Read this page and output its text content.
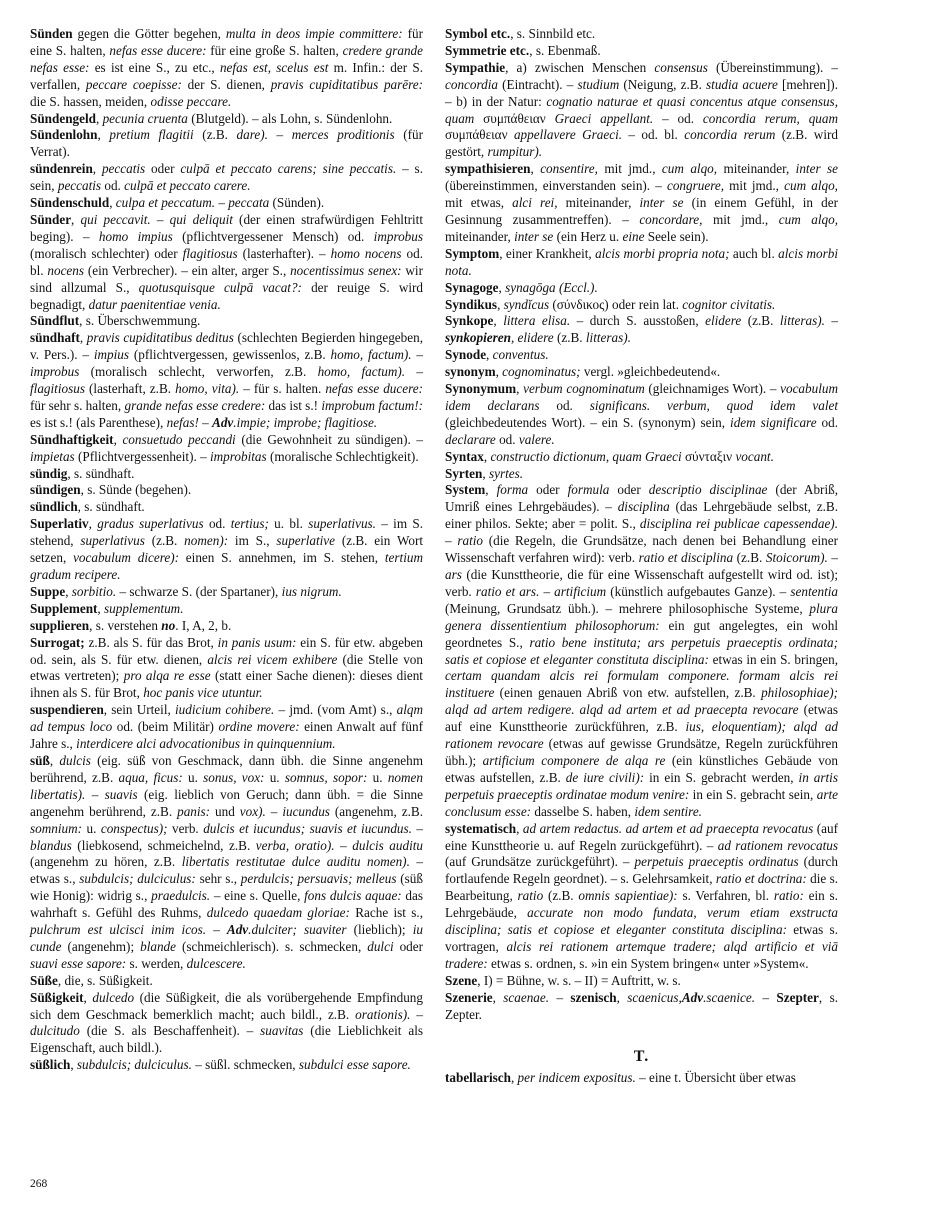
Sünden gegen die Götter begehen, multa in deos impie committere: für eine S. halten, nefas esse ducere: für eine große S. halten, credere grande nefas esse: es ist eine S., zu etc., nefas est, scelus est m. Infin.: der S. verfallen, peccare coepisse: der S. dienen, pravis cupiditatibus parēre: die S. hassen, meiden, odisse peccare.

Sündengeld, pecunia cruenta (Blutgeld). – als Lohn, s. Sündenlohn.

Sündenlohn, pretium flagitii (z.B. dare). – merces proditionis (für Verrat).

sündenrein, peccatis oder culpā et peccato carens; sine peccatis. – s. sein, peccatis od. culpā et peccato carere.

Sündenschuld, culpa et peccatum. – peccata (Sünden).

Sünder, qui peccavit. – qui deliquit (der einen strafwürdigen Fehltritt beging). – homo impius (pflichtvergessener Mensch) od. improbus (moralisch schlechter) oder flagitiosus (lasterhafter). – homo nocens od. bl. nocens (ein Verbrecher). – ein alter, arger S., nocentissimus senex: wir sind allzumal S., quotusquisque culpā vacat?: der reuige S. wird begnadigt, datur paenitentiae venia.

Sündflut, s. Überschwemmung.

sündhaft, pravis cupiditatibus deditus (schlechten Begierden hingegeben, v. Pers.). – impius (pflichtvergessen, gewissenlos, z.B. homo, factum). – improbus (moralisch schlecht, verworfen, z.B. homo, factum). – flagitiosus (lasterhaft, z.B. homo, vita). – für s. halten. nefas esse ducere: für sehr s. halten, grande nefas esse credere: das ist s.! improbum factum!: es ist s.! (als Parenthese), nefas! – Adv.impie; improbe; flagitiose.

Sündhaftigkeit, consuetudo peccandi (die Gewohnheit zu sündigen). – impietas (Pflichtvergessenheit). – improbitas (moralische Schlechtigkeit).

sündig, s. sündhaft.

sündigen, s. Sünde (begehen).

sündlich, s. sündhaft.

Superlativ, gradus superlativus od. tertius; u. bl. superlativus. – im S. stehend, superlativus (z.B. nomen): im S., superlative (z.B. ein Wort setzen, vocabulum dicere): einen S. annehmen, im S. stehen, tertium gradum recipere.

Suppe, sorbitio. – schwarze S. (der Spartaner), ius nigrum.

Supplement, supplementum.

supplieren, s. verstehen no. I, A, 2, b.

Surrogat; z.B. als S. für das Brot, in panis usum: ein S. für etw. abgeben od. sein, als S. für etw. dienen, alcis rei vicem exhibere (die Stelle von etwas vertreten); pro alqa re esse (statt einer Sache dienen): dieses dient ihnen als S. für Brot, hoc panis vice utuntur.

suspendieren, sein Urteil, iudicium cohibere. – jmd. (vom Amt) s., alqm ad tempus loco od. (beim Militär) ordine movere: einen Anwalt auf fünf Jahre s., interdicere alci advocationibus in quinquennium.

süß, dulcis (eig. süß von Geschmack, dann übh. die Sinne angenehm berührend, z.B. aqua, ficus: u. sonus, vox: u. somnus, sopor: u. nomen libertatis). – suavis (eig. lieblich von Geruch; dann übh. = die Sinne angenehm berührend, z.B. panis: und vox). – iucundus (angenehm, z.B. somnium: u. conspectus); verb. dulcis et iucundus; suavis et iucundus. – blandus (liebkosend, schmeichelnd, z.B. verba, oratio). – dulcis auditu (angenehm zu hören, z.B. libertatis restitutae dulce auditu nomen). – etwas s., subdulcis; dulciculus: sehr s., perdulcis; persuavis; melleus (süß wie Honig): widrig s., praedulcis. – eine s. Quelle, fons dulcis aquae: das wahrhaft s. Gefühl des Ruhms, dulcedo quaedam gloriae: Rache ist s., pulchrum est ulcisci inim icos. – Adv.dulciter; suaviter (lieblich); iu cunde (angenehm); blande (schmeichlerisch). s. schmecken, dulci oder suavi esse sapore: s. werden, dulcescere.

Süße, die, s. Süßigkeit.

Süßigkeit, dulcedo (die Süßigkeit, die als vorübergehende Empfindung sich dem Geschmack bemerklich macht; auch bildl., z.B. orationis). – dulcitudo (die S. als Beschaffenheit). – suavitas (die Lieblichkeit als Eigenschaft, auch bildl.).

süßlich, subdulcis; dulciculus. – süßl. schmecken, subdulci esse sapore.

Symbol etc., s. Sinnbild etc.

Symmetrie etc., s. Ebenmaß.

Sympathie, a) zwischen Menschen consensus (Übereinstimmung). – concordia (Eintracht). – studium (Neigung, z.B. studia acuere [mehren]). – b) in der Natur: cognatio naturae et quasi concentus atque consensus, quam συμπάθειαν Graeci appellant. – od. concordia rerum, quam συμπάθειαν appellavere Graeci. – od. bl. concordia rerum (z.B. wird gestört, rumpitur).

sympathisieren, consentire, mit jmd., cum alqo, miteinander, inter se (übereinstimmen, einverstanden sein). – congruere, mit jmd., cum alqo, mit etwas, alci rei, miteinander, inter se (in einem Gefühl, in der Gesinnung zusammentreffen). – concordare, mit jmd., cum alqo, miteinander, inter se (ein Herz u. eine Seele sein).

Symptom, einer Krankheit, alcis morbi propria nota; auch bl. alcis morbi nota.

Synagoge, synagōga (Eccl.).

Syndikus, syndĭcus (σύνδικος) oder rein lat. cognitor civitatis.

Synkope, littera elisa. – durch S. ausstoßen, elidere (z.B. litteras). – synkopieren, elidere (z.B. litteras).

Synode, conventus.

synonym, cognominatus; vergl. »gleichbedeutend«.

Synonymum, verbum cognominatum (gleichnamiges Wort). – vocabulum idem declarans od. significans. verbum, quod idem valet (gleichbedeutendes Wort). – ein S. (synonym) sein, idem significare od. declarare od. valere.

Syntax, constructio dictionum, quam Graeci σύνταξιν vocant.

Syrten, syrtes.

System, forma oder formula oder descriptio disciplinae (der Abriß, Umriß eines Lehrgebäudes). – disciplina (das Lehrgebäude selbst, z.B. einer philos. Sekte; aber = polit. S., disciplina rei publicae capessendae). – ratio (die Regeln, die Grundsätze, nach denen bei Behandlung einer Wissenschaft verfahren wird): verb. ratio et disciplina (z.B. Stoicorum). – ars (die Kunsttheorie, die für eine Wissenschaft aufgestellt wird od. ist); verb. ratio et ars. – artificium (künstlich aufgebautes Ganze). – sententia (Meinung, Grundsatz übh.). – mehrere philosophische Systeme, plura genera dissentientium philosophorum: ein gut angelegtes, ein wohl geordnetes S., ratio bene instituta; ars perpetuis praeceptis ordinata; satis et copiose et eleganter constituta disciplina: etwas in ein S. bringen, certam quandam alcis rei formulam componere. formam alcis rei instituere (einen genauen Abriß von etw. aufstellen, z.B. philosophiae); alqd ad artem redigere. alqd ad artem et ad praecepta revocare (etwas auf eine Kunsttheorie zurückführen, z.B. ius, eloquentiam); alqd ad rationem revocare (etwas auf gewisse Grundsätze, Regeln zurückführen übh.); artificium componere de alqa re (ein künstliches Gebäude von etwas aufstellen, z.B. de iure civili): in ein S. gebracht werden, in artis perpetuis praeceptis ordinatae modum venire: in ein S. gebracht sein, arte conclusum esse: dasselbe S. haben, idem sentire.

systematisch, ad artem redactus. ad artem et ad praecepta revocatus (auf eine Kunsttheorie u. auf Regeln zurückgeführt). – ad rationem revocatus (auf Grundsätze zurückgeführt). – perpetuis praeceptis ordinatus (durch fortlaufende Regeln geordnet). – s. Gelehrsamkeit, ratio et doctrina: die s. Bearbeitung, ratio (z.B. omnis sapientiae): s. Verfahren, bl. ratio: ein s. Lehrgebäude, accurate non modo fundata, verum etiam exstructa disciplina; satis et copiose et eleganter constituta disciplina: etwas s. vortragen, alcis rei rationem artemque tradere; alqd artificio et viā tradere: etwas s. ordnen, s. »in ein System bringen« unter »System«.

Szene, I) = Bühne, w. s. – II) = Auftritt, w. s.

Szenerie, scaenae. – szenisch, scaenicus,Adv.scaenice. – Szepter, s. Zepter.

T.

tabellarisch, per indicem expositus. – eine t. Übersicht über etwas

268
